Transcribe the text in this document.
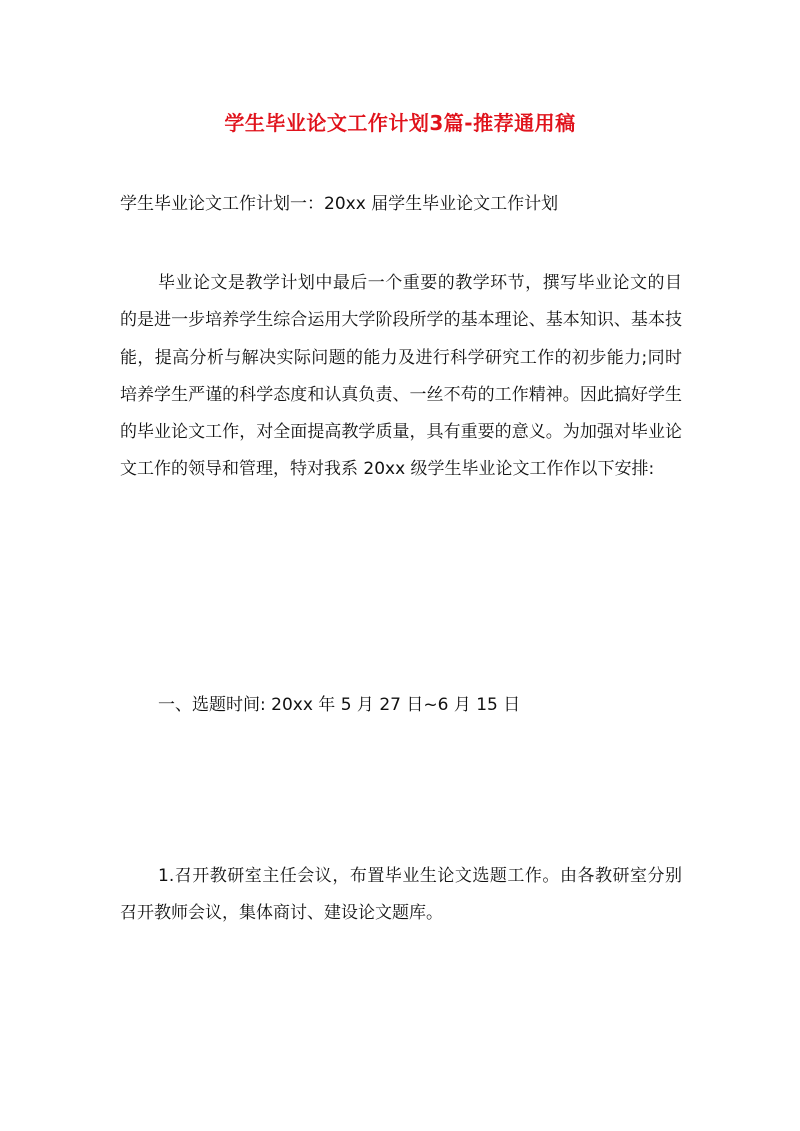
学生毕业论文工作计划3篇-推荐通用稿
学生毕业论文工作计划一：20xx 届学生毕业论文工作计划

毕业论文是教学计划中最后一个重要的教学环节，撰写毕业论文的目的是进一步培养学生综合运用大学阶段所学的基本理论、基本知识、基本技能，提高分析与解决实际问题的能力及进行科学研究工作的初步能力;同时培养学生严谨的科学态度和认真负责、一丝不苟的工作精神。因此搞好学生的毕业论文工作，对全面提高教学质量，具有重要的意义。为加强对毕业论文工作的领导和管理，特对我系 20xx 级学生毕业论文工作作以下安排:

一、选题时间: 20xx 年 5 月 27 日~6 月 15 日

1.召开教研室主任会议，布置毕业生论文选题工作。由各教研室分别召开教师会议，集体商讨、建设论文题库。
